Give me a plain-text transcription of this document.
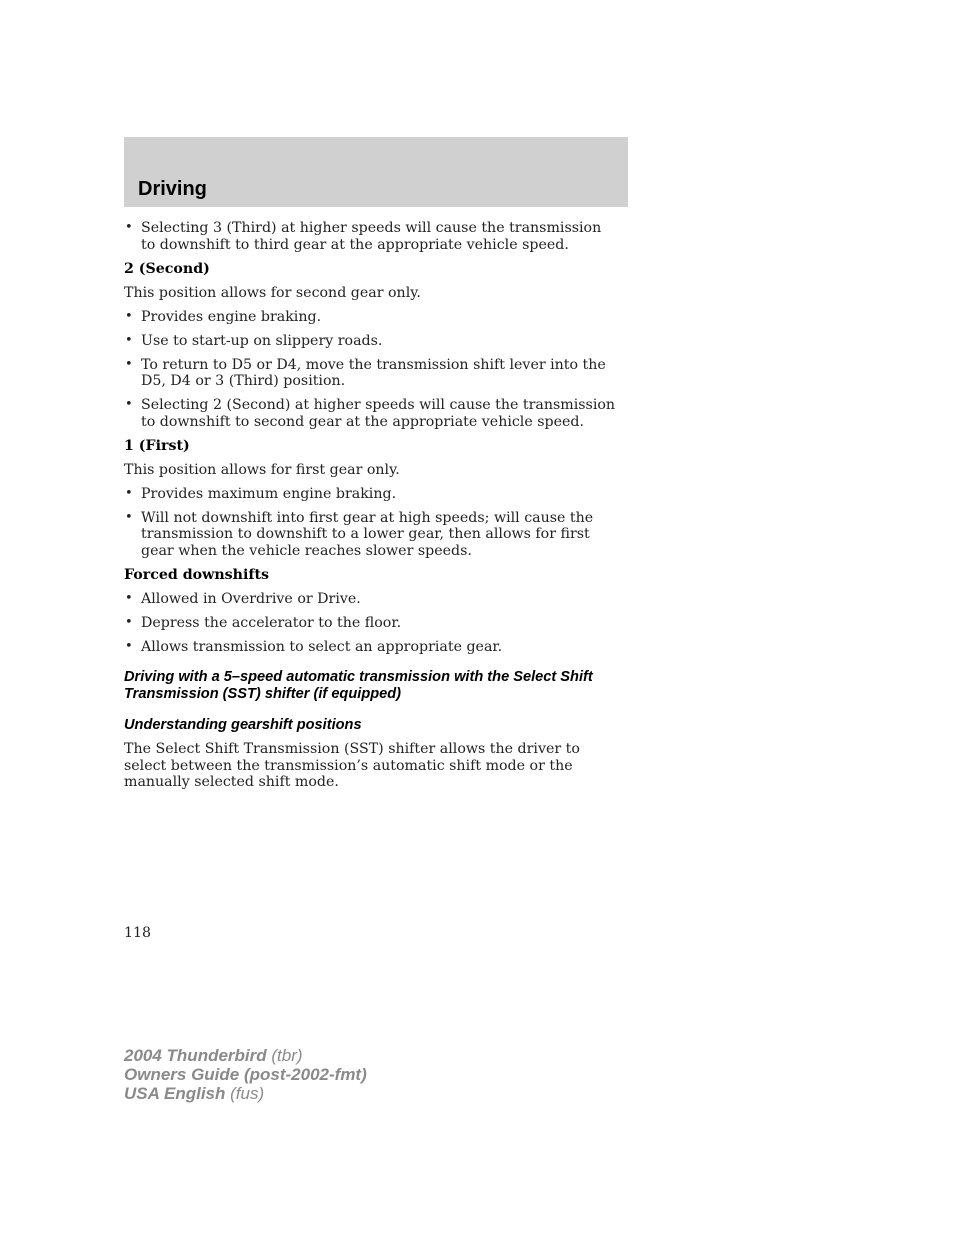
Driving
• Selecting 3 (Third) at higher speeds will cause the transmission to downshift to third gear at the appropriate vehicle speed.

2 (Second)

This position allows for second gear only.

• Provides engine braking.
• Use to start-up on slippery roads.
• To return to D5 or D4, move the transmission shift lever into the D5, D4 or 3 (Third) position.
• Selecting 2 (Second) at higher speeds will cause the transmission to downshift to second gear at the appropriate vehicle speed.

1 (First)

This position allows for first gear only.

• Provides maximum engine braking.
• Will not downshift into first gear at high speeds; will cause the transmission to downshift to a lower gear, then allows for first gear when the vehicle reaches slower speeds.

Forced downshifts

• Allowed in Overdrive or Drive.
• Depress the accelerator to the floor.
• Allows transmission to select an appropriate gear.

Driving with a 5–speed automatic transmission with the Select Shift Transmission (SST) shifter (if equipped)

Understanding gearshift positions

The Select Shift Transmission (SST) shifter allows the driver to select between the transmission’s automatic shift mode or the manually selected shift mode.

118
2004 Thunderbird (tbr)
Owners Guide (post-2002-fmt)
USA English (fus)
